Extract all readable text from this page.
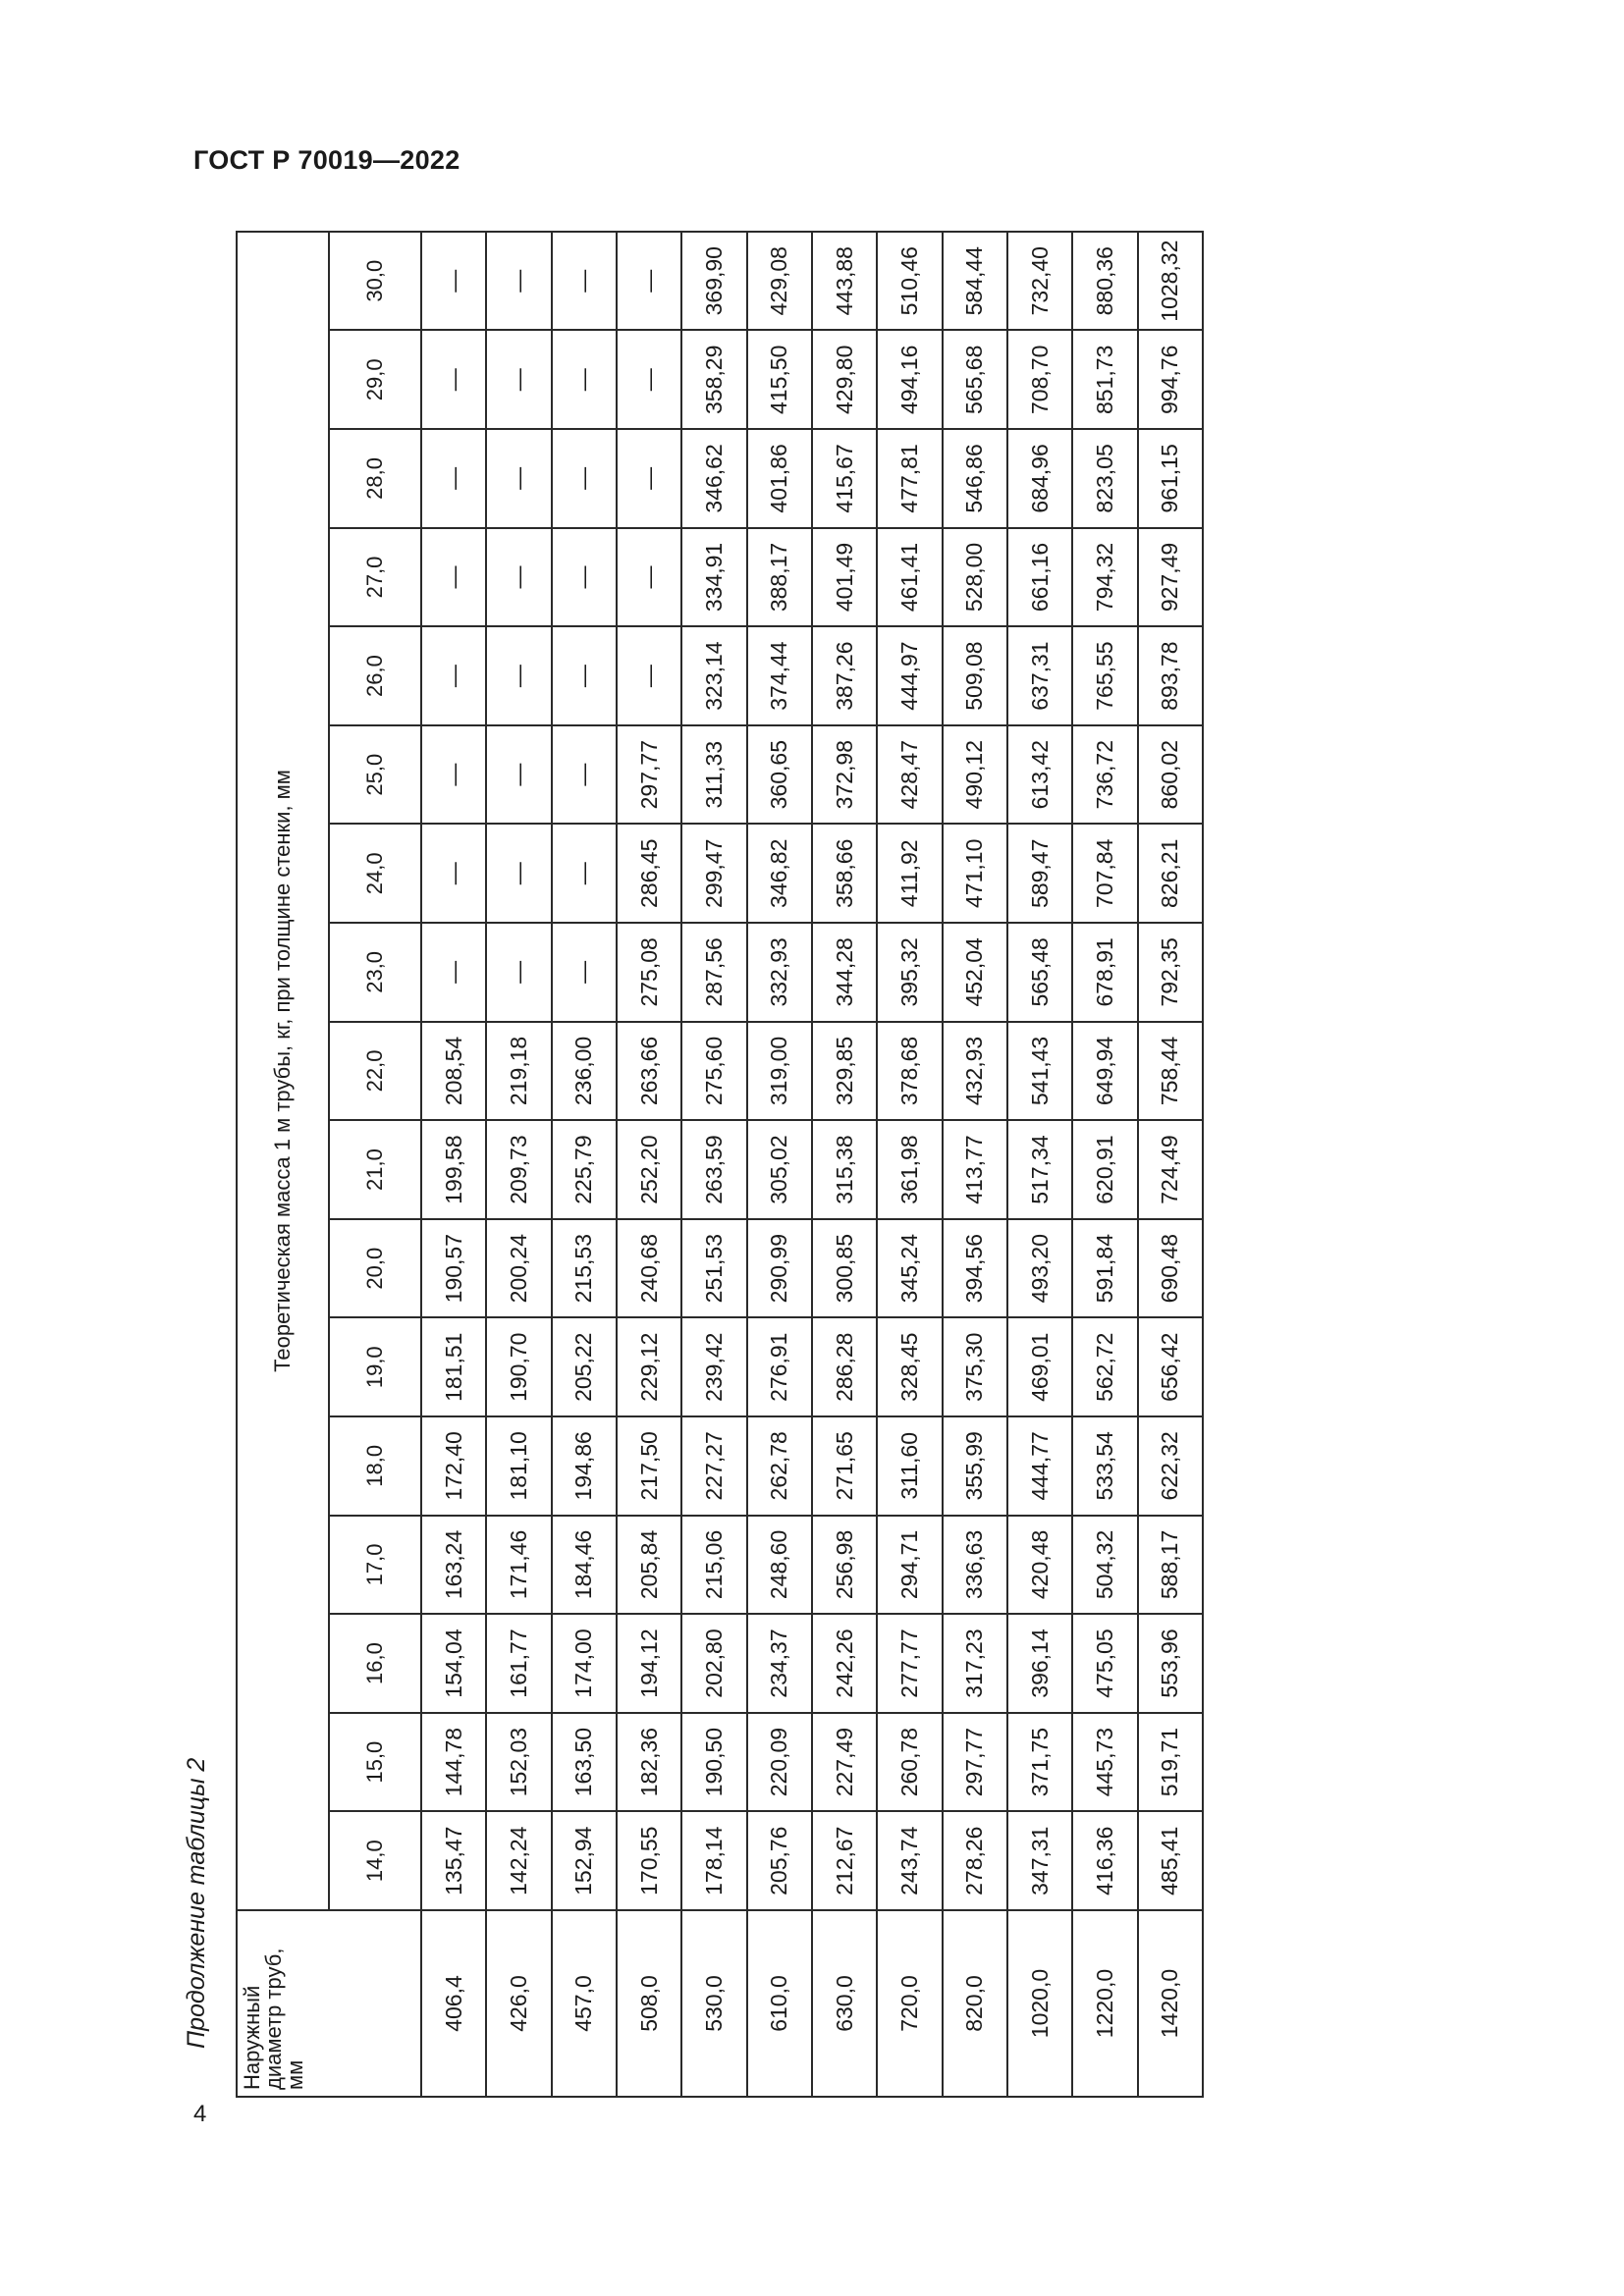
ГОСТ Р 70019—2022
Продолжение таблицы 2
4
Наружный диаметр труб, мм	Теоретическая масса 1 м трубы, кг, при толщине стенки, мм																
	14,0	15,0	16,0	17,0	18,0	19,0	20,0	21,0	22,0	23,0	24,0	25,0	26,0	27,0	28,0	29,0	30,0
406,4	135,47	144,78	154,04	163,24	172,40	181,51	190,57	199,58	208,54	—	—	—	—	—	—	—	—
426,0	142,24	152,03	161,77	171,46	181,10	190,70	200,24	209,73	219,18	—	—	—	—	—	—	—	—
457,0	152,94	163,50	174,00	184,46	194,86	205,22	215,53	225,79	236,00	—	—	—	—	—	—	—	—
508,0	170,55	182,36	194,12	205,84	217,50	229,12	240,68	252,20	263,66	275,08	286,45	297,77	—	—	—	—	—
530,0	178,14	190,50	202,80	215,06	227,27	239,42	251,53	263,59	275,60	287,56	299,47	311,33	323,14	334,91	346,62	358,29	369,90
610,0	205,76	220,09	234,37	248,60	262,78	276,91	290,99	305,02	319,00	332,93	346,82	360,65	374,44	388,17	401,86	415,50	429,08
630,0	212,67	227,49	242,26	256,98	271,65	286,28	300,85	315,38	329,85	344,28	358,66	372,98	387,26	401,49	415,67	429,80	443,88
720,0	243,74	260,78	277,77	294,71	311,60	328,45	345,24	361,98	378,68	395,32	411,92	428,47	444,97	461,41	477,81	494,16	510,46
820,0	278,26	297,77	317,23	336,63	355,99	375,30	394,56	413,77	432,93	452,04	471,10	490,12	509,08	528,00	546,86	565,68	584,44
1020,0	347,31	371,75	396,14	420,48	444,77	469,01	493,20	517,34	541,43	565,48	589,47	613,42	637,31	661,16	684,96	708,70	732,40
1220,0	416,36	445,73	475,05	504,32	533,54	562,72	591,84	620,91	649,94	678,91	707,84	736,72	765,55	794,32	823,05	851,73	880,36
1420,0	485,41	519,71	553,96	588,17	622,32	656,42	690,48	724,49	758,44	792,35	826,21	860,02	893,78	927,49	961,15	994,76	1028,32
